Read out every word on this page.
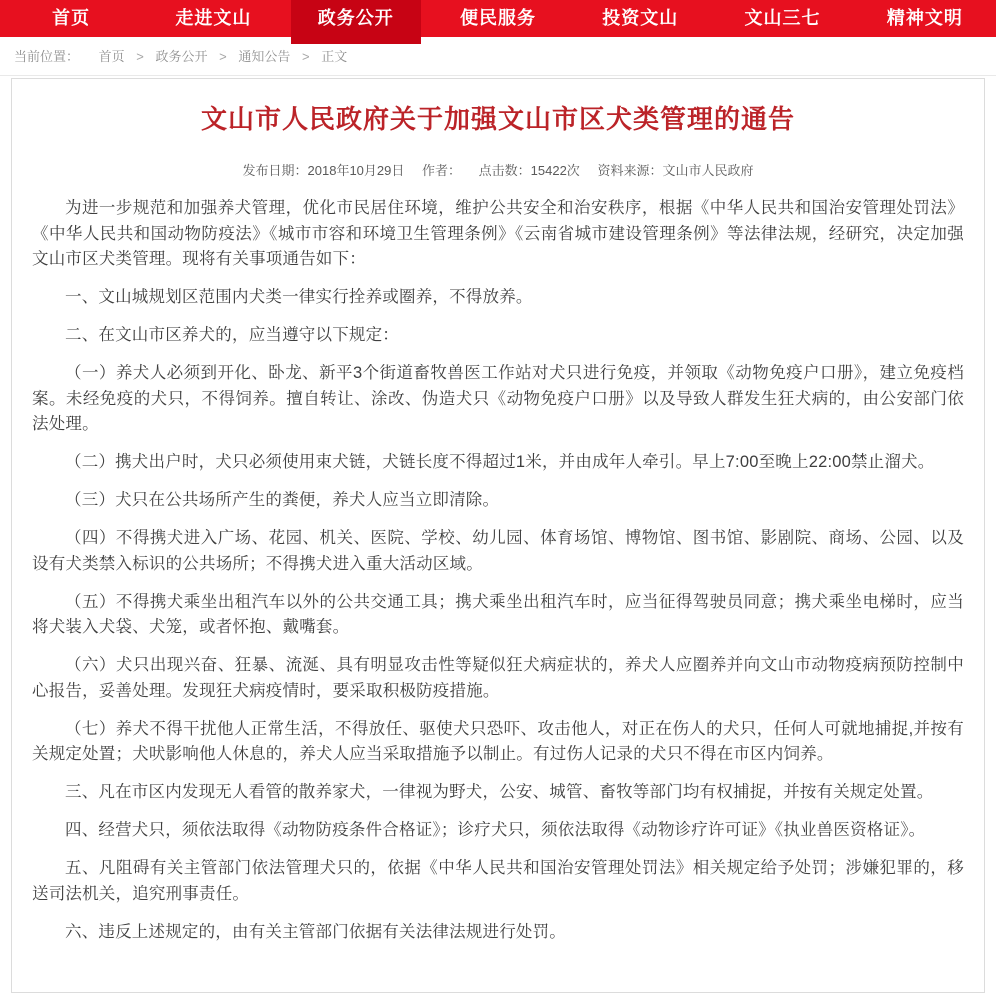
首页	走进文山	政务公开	便民服务	投资文山	文山三七	精神文明
当前位置： 首页 > 政务公开 > 通知公告 > 正文
文山市人民政府关于加强文山市区犬类管理的通告
发布日期：2018年10月29日 作者： 点击数：15422次 资料来源：文山市人民政府

为进一步规范和加强养犬管理，优化市民居住环境，维护公共安全和治安秩序，根据《中华人民共和国治安管理处罚法》《中华人民共和国动物防疫法》《城市市容和环境卫生管理条例》《云南省城市建设管理条例》等法律法规，经研究，决定加强文山市区犬类管理。现将有关事项通告如下：

一、文山城规划区范围内犬类一律实行拴养或圈养，不得放养。

二、在文山市区养犬的，应当遵守以下规定：

（一）养犬人必须到开化、卧龙、新平3个街道畜牧兽医工作站对犬只进行免疫，并领取《动物免疫户口册》，建立免疫档案。未经免疫的犬只，不得饲养。擅自转让、涂改、伪造犬只《动物免疫户口册》以及导致人群发生狂犬病的，由公安部门依法处理。

（二）携犬出户时，犬只必须使用束犬链，犬链长度不得超过1米，并由成年人牵引。早上7:00至晚上22:00禁止溜犬。

（三）犬只在公共场所产生的粪便，养犬人应当立即清除。

（四）不得携犬进入广场、花园、机关、医院、学校、幼儿园、体育场馆、博物馆、图书馆、影剧院、商场、公园、以及设有犬类禁入标识的公共场所；不得携犬进入重大活动区域。

（五）不得携犬乘坐出租汽车以外的公共交通工具；携犬乘坐出租汽车时，应当征得驾驶员同意；携犬乘坐电梯时，应当将犬装入犬袋、犬笼，或者怀抱、戴嘴套。

（六）犬只出现兴奋、狂暴、流涎、具有明显攻击性等疑似狂犬病症状的，养犬人应圈养并向文山市动物疫病预防控制中心报告，妥善处理。发现狂犬病疫情时，要采取积极防疫措施。

（七）养犬不得干扰他人正常生活，不得放任、驱使犬只恐吓、攻击他人，对正在伤人的犬只，任何人可就地捕捉,并按有关规定处置；犬吠影响他人休息的，养犬人应当采取措施予以制止。有过伤人记录的犬只不得在市区内饲养。

三、凡在市区内发现无人看管的散养家犬，一律视为野犬，公安、城管、畜牧等部门均有权捕捉，并按有关规定处置。

四、经营犬只，须依法取得《动物防疫条件合格证》；诊疗犬只，须依法取得《动物诊疗许可证》《执业兽医资格证》。

五、凡阻碍有关主管部门依法管理犬只的，依据《中华人民共和国治安管理处罚法》相关规定给予处罚；涉嫌犯罪的，移送司法机关，追究刑事责任。

六、违反上述规定的，由有关主管部门依据有关法律法规进行处罚。
